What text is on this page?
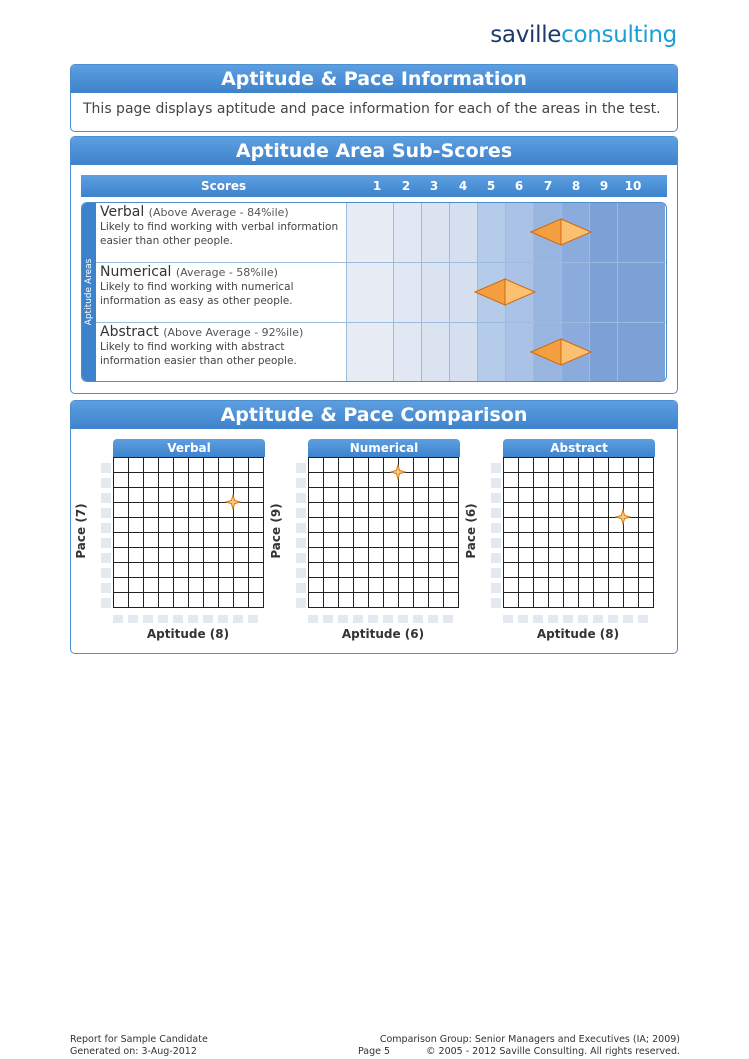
savilleconsulting
Aptitude & Pace Information
This page displays aptitude and pace information for each of the areas in the test.
Aptitude Area Sub-Scores
Scores	1	2	3	4	5	6	7	8	9	10
Aptitude Areas
Verbal (Above Average - 84%ile)
Likely to find working with verbal information easier than other people.
Numerical (Average - 58%ile)
Likely to find working with numerical information as easy as other people.
Abstract (Above Average - 92%ile)
Likely to find working with abstract information easier than other people.
Aptitude & Pace Comparison
Verbal
Pace (7)
Aptitude (8)
Numerical
Pace (9)
Aptitude (6)
Abstract
Pace (6)
Aptitude (8)
Report for Sample Candidate
Generated on: 3-Aug-2012	Page 5
Comparison Group: Senior Managers and Executives (IA; 2009)
© 2005 - 2012 Saville Consulting. All rights reserved.
